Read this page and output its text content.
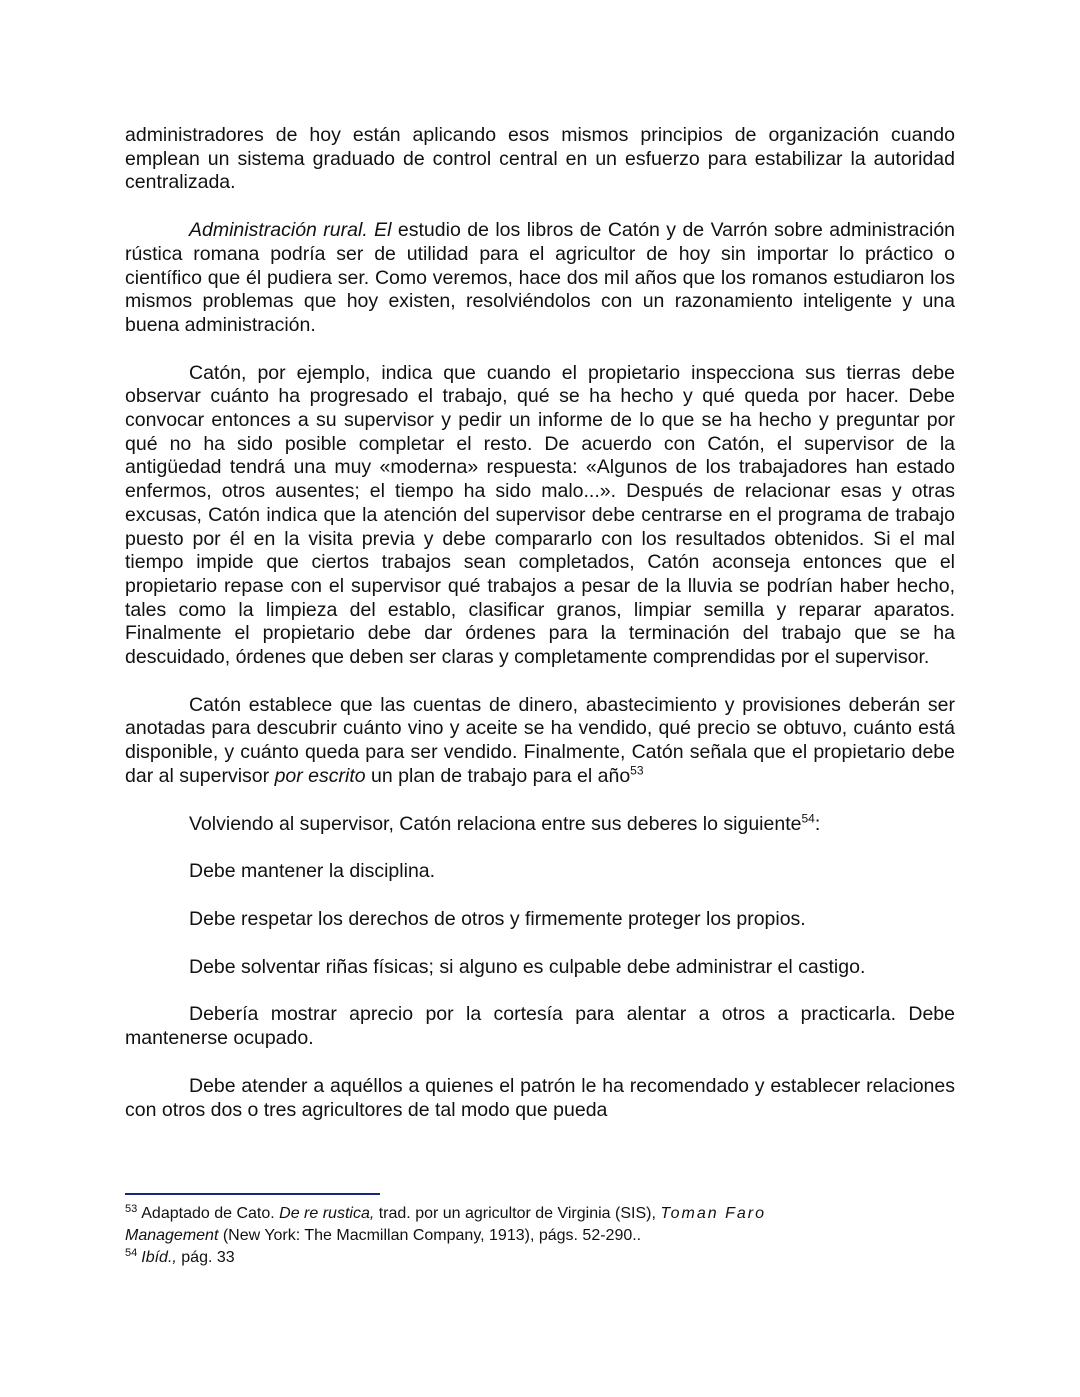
administradores de hoy están aplicando esos mismos principios de organización cuando emplean un sistema graduado de control central en un esfuerzo para estabilizar la autoridad centralizada.

Administración rural. El estudio de los libros de Catón y de Varrón sobre administración rústica romana podría ser de utilidad para el agricultor de hoy sin importar lo práctico o científico que él pudiera ser. Como veremos, hace dos mil años que los romanos estudiaron los mismos problemas que hoy existen, resolviéndolos con un razonamiento inteligente y una buena administración.

Catón, por ejemplo, indica que cuando el propietario inspecciona sus tierras debe observar cuánto ha progresado el trabajo, qué se ha hecho y qué queda por hacer. Debe convocar entonces a su supervisor y pedir un informe de lo que se ha hecho y preguntar por qué no ha sido posible completar el resto. De acuerdo con Catón, el supervisor de la antigüedad tendrá una muy «moderna» respuesta: «Algunos de los trabajadores han estado enfermos, otros ausentes; el tiempo ha sido malo...». Después de relacionar esas y otras excusas, Catón indica que la atención del supervisor debe centrarse en el programa de trabajo puesto por él en la visita previa y debe compararlo con los resultados obtenidos. Si el mal tiempo impide que ciertos trabajos sean completados, Catón aconseja entonces que el propietario repase con el supervisor qué trabajos a pesar de la lluvia se podrían haber hecho, tales como la limpieza del establo, clasificar granos, limpiar semilla y reparar aparatos. Finalmente el propietario debe dar órdenes para la terminación del trabajo que se ha descuidado, órdenes que deben ser claras y completamente comprendidas por el supervisor.

Catón establece que las cuentas de dinero, abastecimiento y provisiones deberán ser anotadas para descubrir cuánto vino y aceite se ha vendido, qué precio se obtuvo, cuánto está disponible, y cuánto queda para ser vendido. Finalmente, Catón señala que el propietario debe dar al supervisor por escrito un plan de trabajo para el año$^{53}$

Volviendo al supervisor, Catón relaciona entre sus deberes lo siguiente$^{54}$:

Debe mantener la disciplina.

Debe respetar los derechos de otros y firmemente proteger los propios.

Debe solventar riñas físicas; si alguno es culpable debe administrar el castigo.

Debería mostrar aprecio por la cortesía para alentar a otros a practicarla. Debe mantenerse ocupado.

Debe atender a aquéllos a quienes el patrón le ha recomendado y establecer relaciones con otros dos o tres agricultores de tal modo que pueda

$^{53}$ Adaptado de Cato. De re rustica, trad. por un agricultor de Virginia (SIS), Toman Faro
Management (New York: The Macmillan Company, 1913), págs. 52-290..

$^{54}$ Ibíd., pág. 33
